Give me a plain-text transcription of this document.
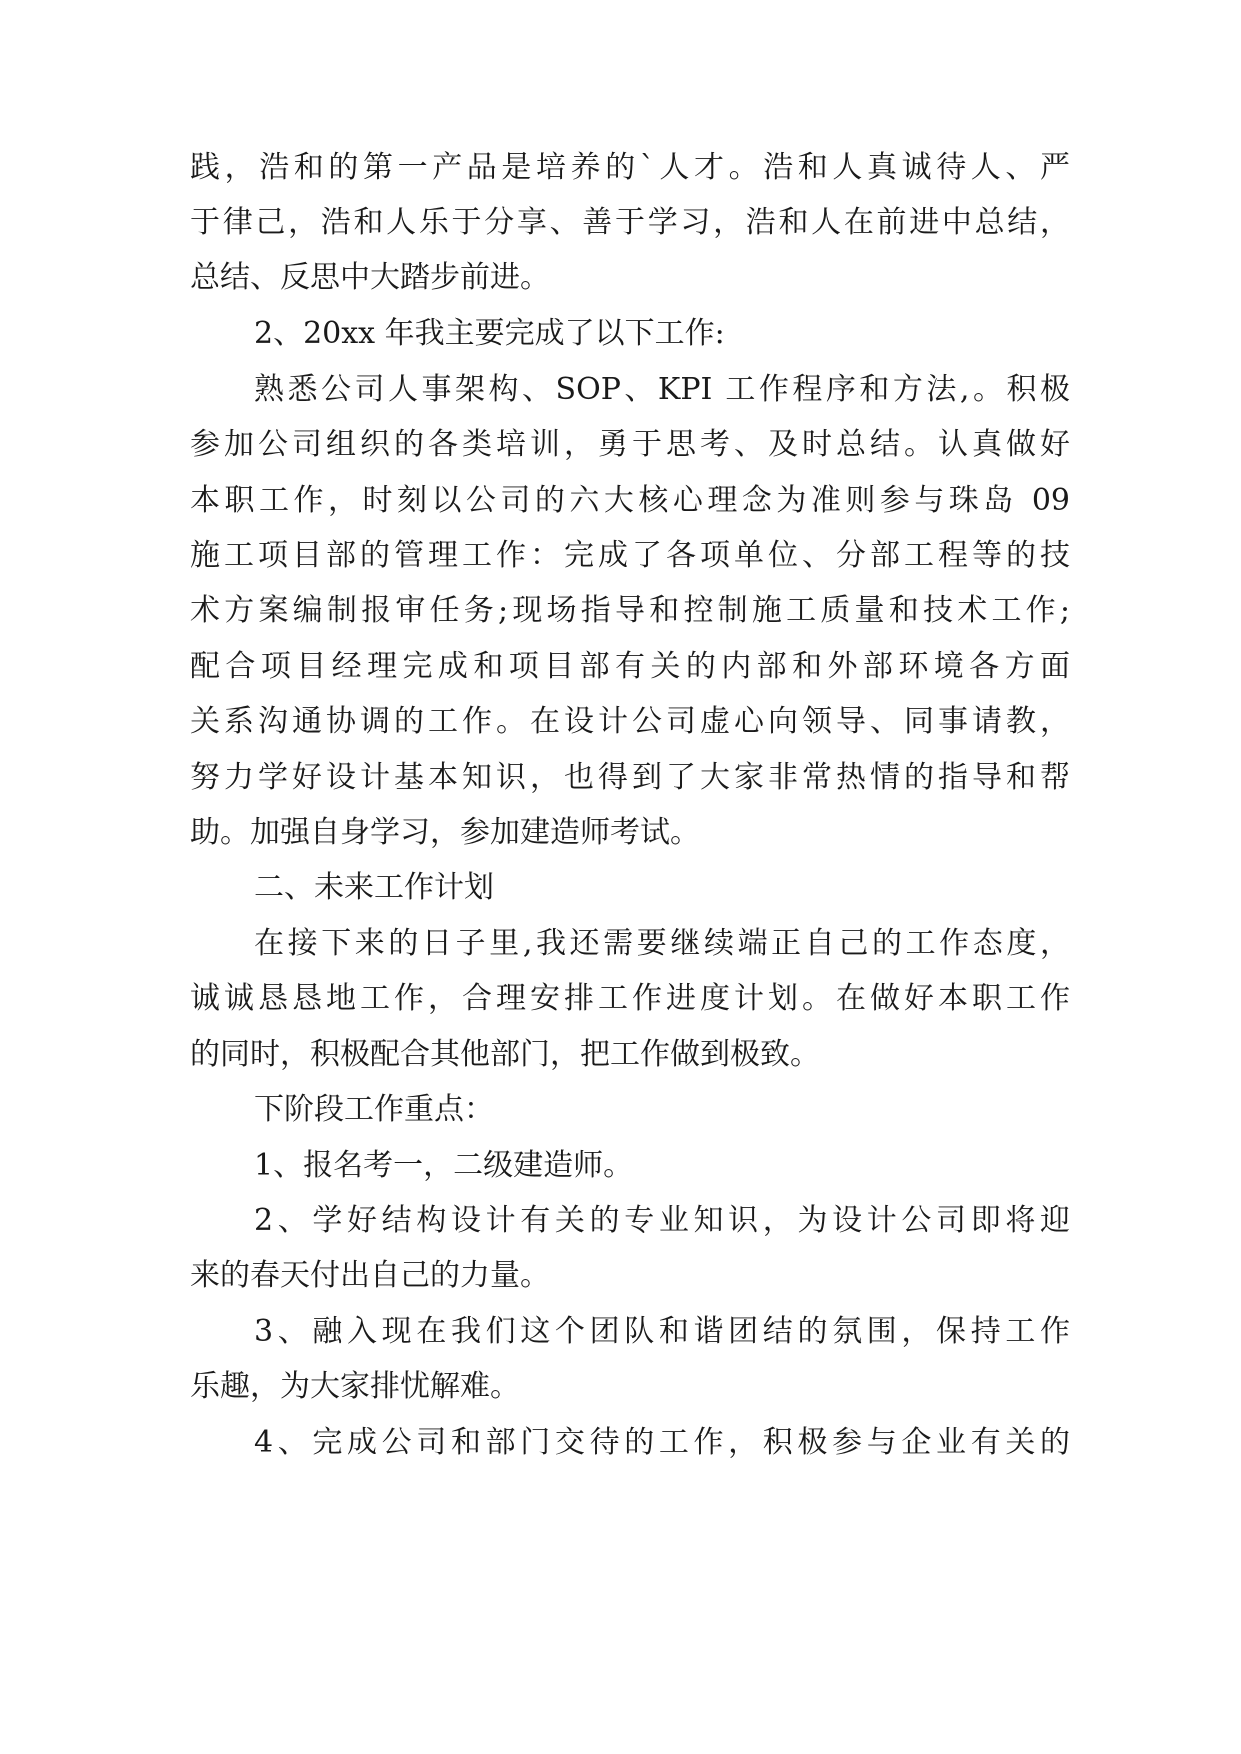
践，浩和的第一产品是培养的`人才。浩和人真诚待人、严
于律己，浩和人乐于分享、善于学习，浩和人在前进中总结，
总结、反思中大踏步前进。
2、20xx 年我主要完成了以下工作:
熟悉公司人事架构、SOP、KPI 工作程序和方法,。积极
参加公司组织的各类培训，勇于思考、及时总结。认真做好
本职工作，时刻以公司的六大核心理念为准则参与珠岛 09
施工项目部的管理工作：完成了各项单位、分部工程等的技
术方案编制报审任务;现场指导和控制施工质量和技术工作;
配合项目经理完成和项目部有关的内部和外部环境各方面
关系沟通协调的工作。在设计公司虚心向领导、同事请教，
努力学好设计基本知识，也得到了大家非常热情的指导和帮
助。加强自身学习，参加建造师考试。
二、未来工作计划
在接下来的日子里,我还需要继续端正自己的工作态度，
诚诚恳恳地工作，合理安排工作进度计划。在做好本职工作
的同时，积极配合其他部门，把工作做到极致。
下阶段工作重点：
1、报名考一，二级建造师。
2、学好结构设计有关的专业知识，为设计公司即将迎
来的春天付出自己的力量。
3、融入现在我们这个团队和谐团结的氛围，保持工作
乐趣，为大家排忧解难。
4、完成公司和部门交待的工作，积极参与企业有关的
